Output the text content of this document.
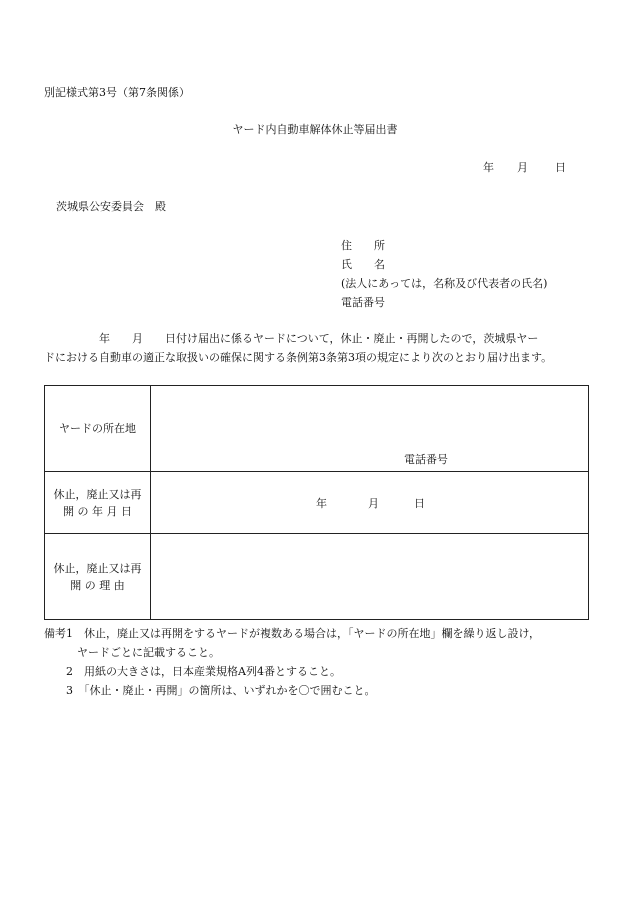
別記様式第3号（第7条関係）
ヤード内自動車解体休止等届出書
年 月 日
茨城県公安委員会　殿
住　　所
氏　　名
(法人にあっては，名称及び代表者の氏名)
電話番号
　　　　　年　　月　　日付け届出に係るヤードについて，休止・廃止・再開したので，茨城県ヤー
ドにおける自動車の適正な取扱いの確保に関する条例第3条第3項の規定により次のとおり届け出ます。
ヤードの所在地	電話番号

休止，廃止又は再
開 の 年 月 日	年 月 日

休止，廃止又は再
開 の 理 由	

備考1　休止，廃止又は再開をするヤードが複数ある場合は，「ヤードの所在地」欄を繰り返し設け，
　　　ヤードごとに記載すること。
　　2　用紙の大きさは，日本産業規格A列4番とすること。
　　3　「休止・廃止・再開」の箇所は、いずれかを〇で囲むこと。
